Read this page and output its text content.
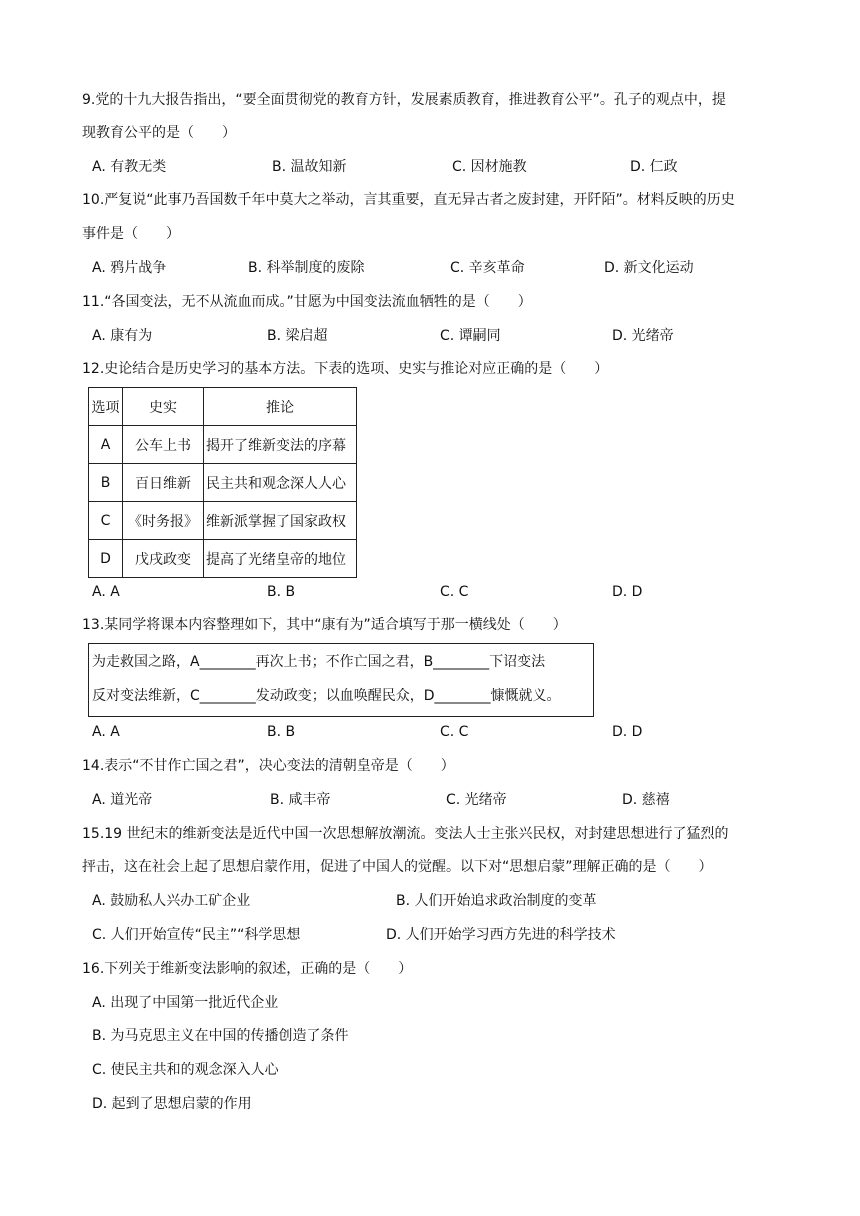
9.党的十九大报告指出，“要全面贯彻党的教育方针，发展素质教育，推进教育公平”。孔子的观点中，提
现教育公平的是（　　）
A. 有教无类	B. 温故知新	C. 因材施教	D. 仁政
10.严复说“此事乃吾国数千年中莫大之举动，言其重要，直无异古者之废封建，开阡陌”。材料反映的历史
事件是（　　）
A. 鸦片战争	B. 科举制度的废除	C. 辛亥革命	D. 新文化运动
11.“各国变法，无不从流血而成。”甘愿为中国变法流血牺牲的是（　　）
A. 康有为	B. 梁启超	C. 谭嗣同	D. 光绪帝
12.史论结合是历史学习的基本方法。下表的选项、史实与推论对应正确的是（　　）
选项	史实	推论
A	公车上书	揭开了维新变法的序幕
B	百日维新	民主共和观念深人人心
C	《时务报》	维新派掌握了国家政权
D	戊戌政变	提高了光绪皇帝的地位
A. A	B. B	C. C	D. D
13.某同学将课本内容整理如下，其中“康有为”适合填写于那一横线处（　　）
为走救国之路，A________再次上书；不作亡国之君，B________下诏变法
反对变法维新，C________发动政变；以血唤醒民众，D________慷慨就义。
A. A	B. B	C. C	D. D
14.表示“不甘作亡国之君”，决心变法的清朝皇帝是（　　）
A. 道光帝	B. 咸丰帝	C. 光绪帝	D. 慈禧
15.19 世纪末的维新变法是近代中国一次思想解放潮流。变法人士主张兴民权，对封建思想进行了猛烈的
抨击，这在社会上起了思想启蒙作用，促进了中国人的觉醒。以下对“思想启蒙”理解正确的是（　　）
A. 鼓励私人兴办工矿企业	B. 人们开始追求政治制度的变革
C. 人们开始宣传“民主”“科学思想	D. 人们开始学习西方先进的科学技术
16.下列关于维新变法影响的叙述，正确的是（　　）
A. 出现了中国第一批近代企业
B. 为马克思主义在中国的传播创造了条件
C. 使民主共和的观念深入人心
D. 起到了思想启蒙的作用
